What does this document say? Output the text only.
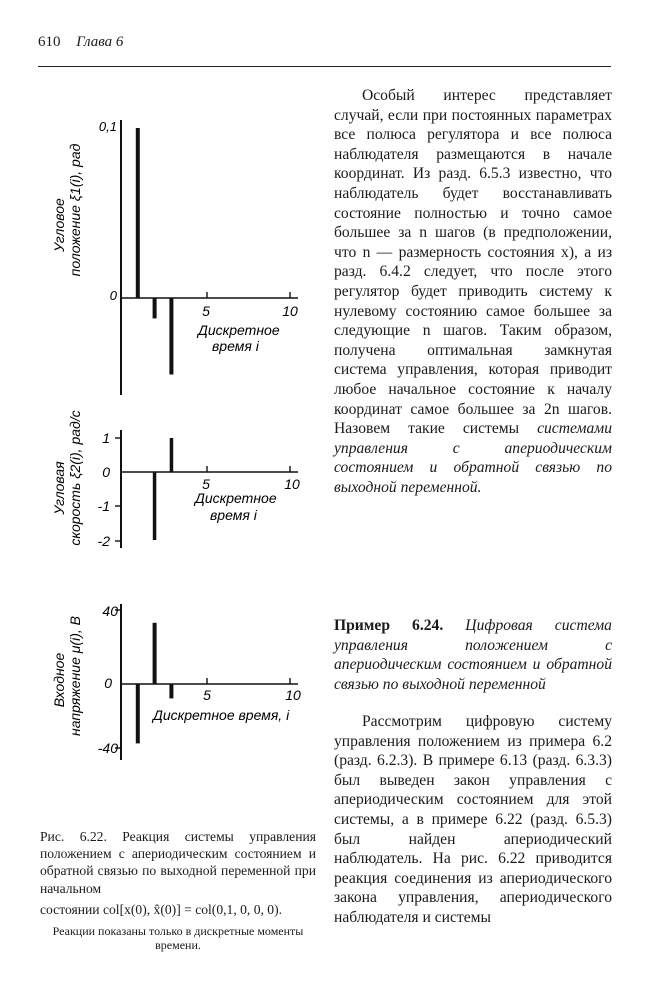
610 Глава 6
Угловое положение ξ1(i), рад
0,1
0
5	10
Дискретное
время i
Угловая скорость ξ2(i), рад/c 1
0
-1
-2
5	10
Дискретное
время i
Входное напряжение μ(i), В
40
0
-40
5	10
Дискретное время, i

Рис. 6.22. Реакция системы управления положением с апериодическим состоянием и обратной связью по выходной переменной при начальном

состоянии col[x(0), x̂(0)] = col(0,1, 0, 0, 0).

Реакции показаны только в дискретные моменты времени.

Особый интерес представляет случай, если при постоянных параметрах все полюса регулятора и все полюса наблюдателя размещаются в начале координат. Из разд. 6.5.3 известно, что наблюдатель будет восстанавливать состояние полностью и точно самое большее за n шагов (в предположении, что n — размерность состояния x), а из разд. 6.4.2 следует, что после этого регулятор будет приводить систему к нулевому состоянию самое большее за следующие n шагов. Таким образом, получена оптимальная замкнутая система управления, которая приводит любое начальное состояние к началу координат самое большее за 2n шагов. Назовем такие системы системами управления с апериодическим состоянием и обратной связью по выходной переменной.

Пример 6.24. Цифровая система управления положением с апериодическим состоянием и обратной связью по выходной переменной

Рассмотрим цифровую систему управления положением из примера 6.2 (разд. 6.2.3). В примере 6.13 (разд. 6.3.3) был выведен закон управления с апериодическим состоянием для этой системы, а в примере 6.22 (разд. 6.5.3) был найден апериодический наблюдатель. На рис. 6.22 приводится реакция соединения из апериодического закона управления, апериодического наблюдателя и системы
